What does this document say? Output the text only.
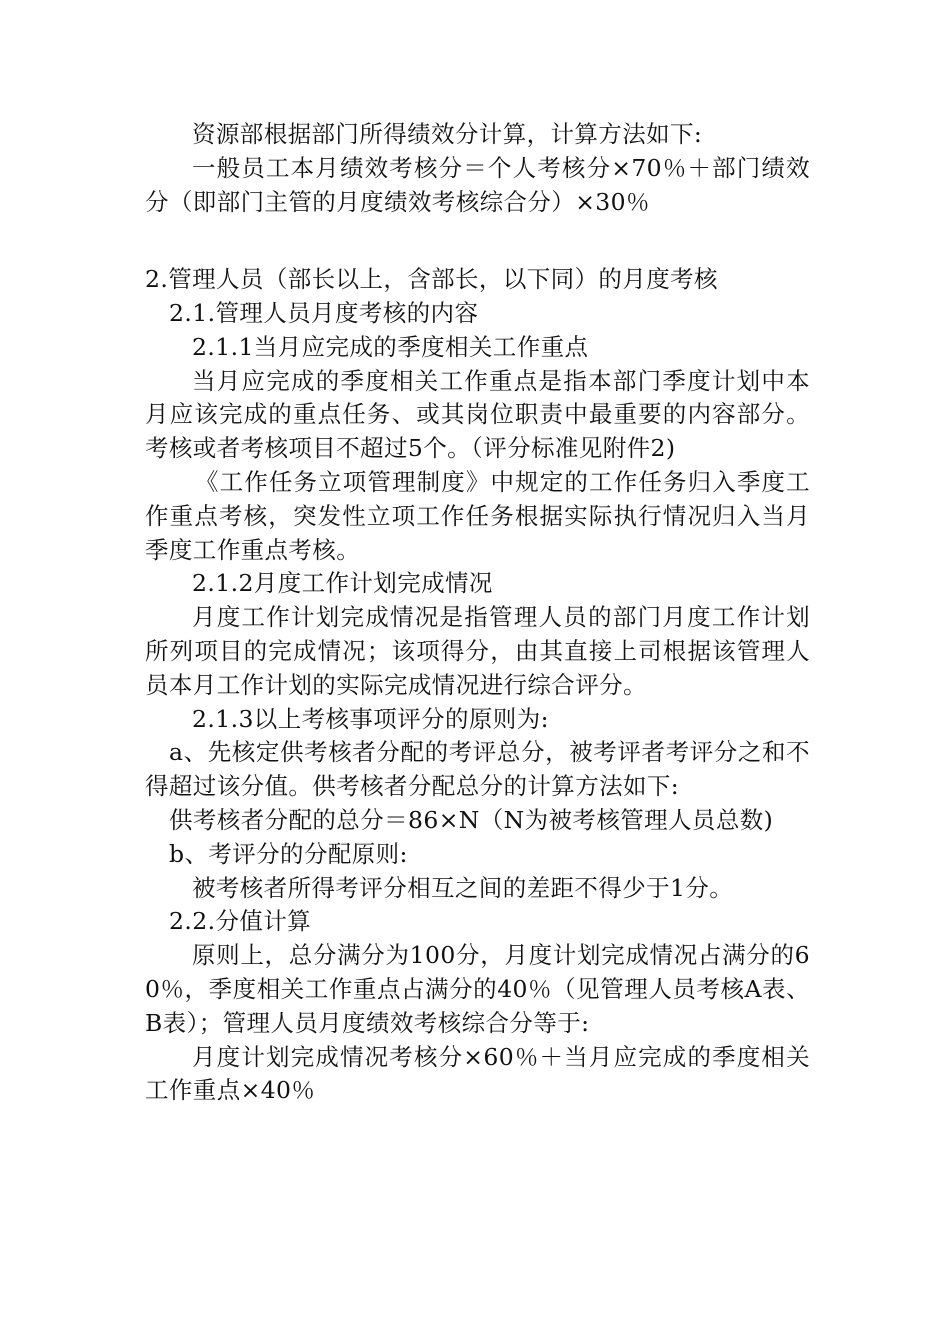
资源部根据部门所得绩效分计算，计算方法如下:

一般员工本月绩效考核分＝个人考核分×70％＋部门绩效分（即部门主管的月度绩效考核综合分）×30％

2.管理人员（部长以上，含部长，以下同）的月度考核

2.1.管理人员月度考核的内容

2.1.1当月应完成的季度相关工作重点

当月应完成的季度相关工作重点是指本部门季度计划中本月应该完成的重点任务、或其岗位职责中最重要的内容部分。考核或者考核项目不超过5个。（评分标准见附件2)

《工作任务立项管理制度》中规定的工作任务归入季度工作重点考核，突发性立项工作任务根据实际执行情况归入当月季度工作重点考核。

2.1.2月度工作计划完成情况

月度工作计划完成情况是指管理人员的部门月度工作计划所列项目的完成情况；该项得分，由其直接上司根据该管理人员本月工作计划的实际完成情况进行综合评分。

2.1.3以上考核事项评分的原则为:

a、先核定供考核者分配的考评总分，被考评者考评分之和不得超过该分值。供考核者分配总分的计算方法如下:

供考核者分配的总分＝86×N（N为被考核管理人员总数)

b、考评分的分配原则:

被考核者所得考评分相互之间的差距不得少于1分。

2.2.分值计算

原则上，总分满分为100分，月度计划完成情况占满分的60％，季度相关工作重点占满分的40％（见管理人员考核A表、B表）；管理人员月度绩效考核综合分等于:

月度计划完成情况考核分×60％＋当月应完成的季度相关工作重点×40％
